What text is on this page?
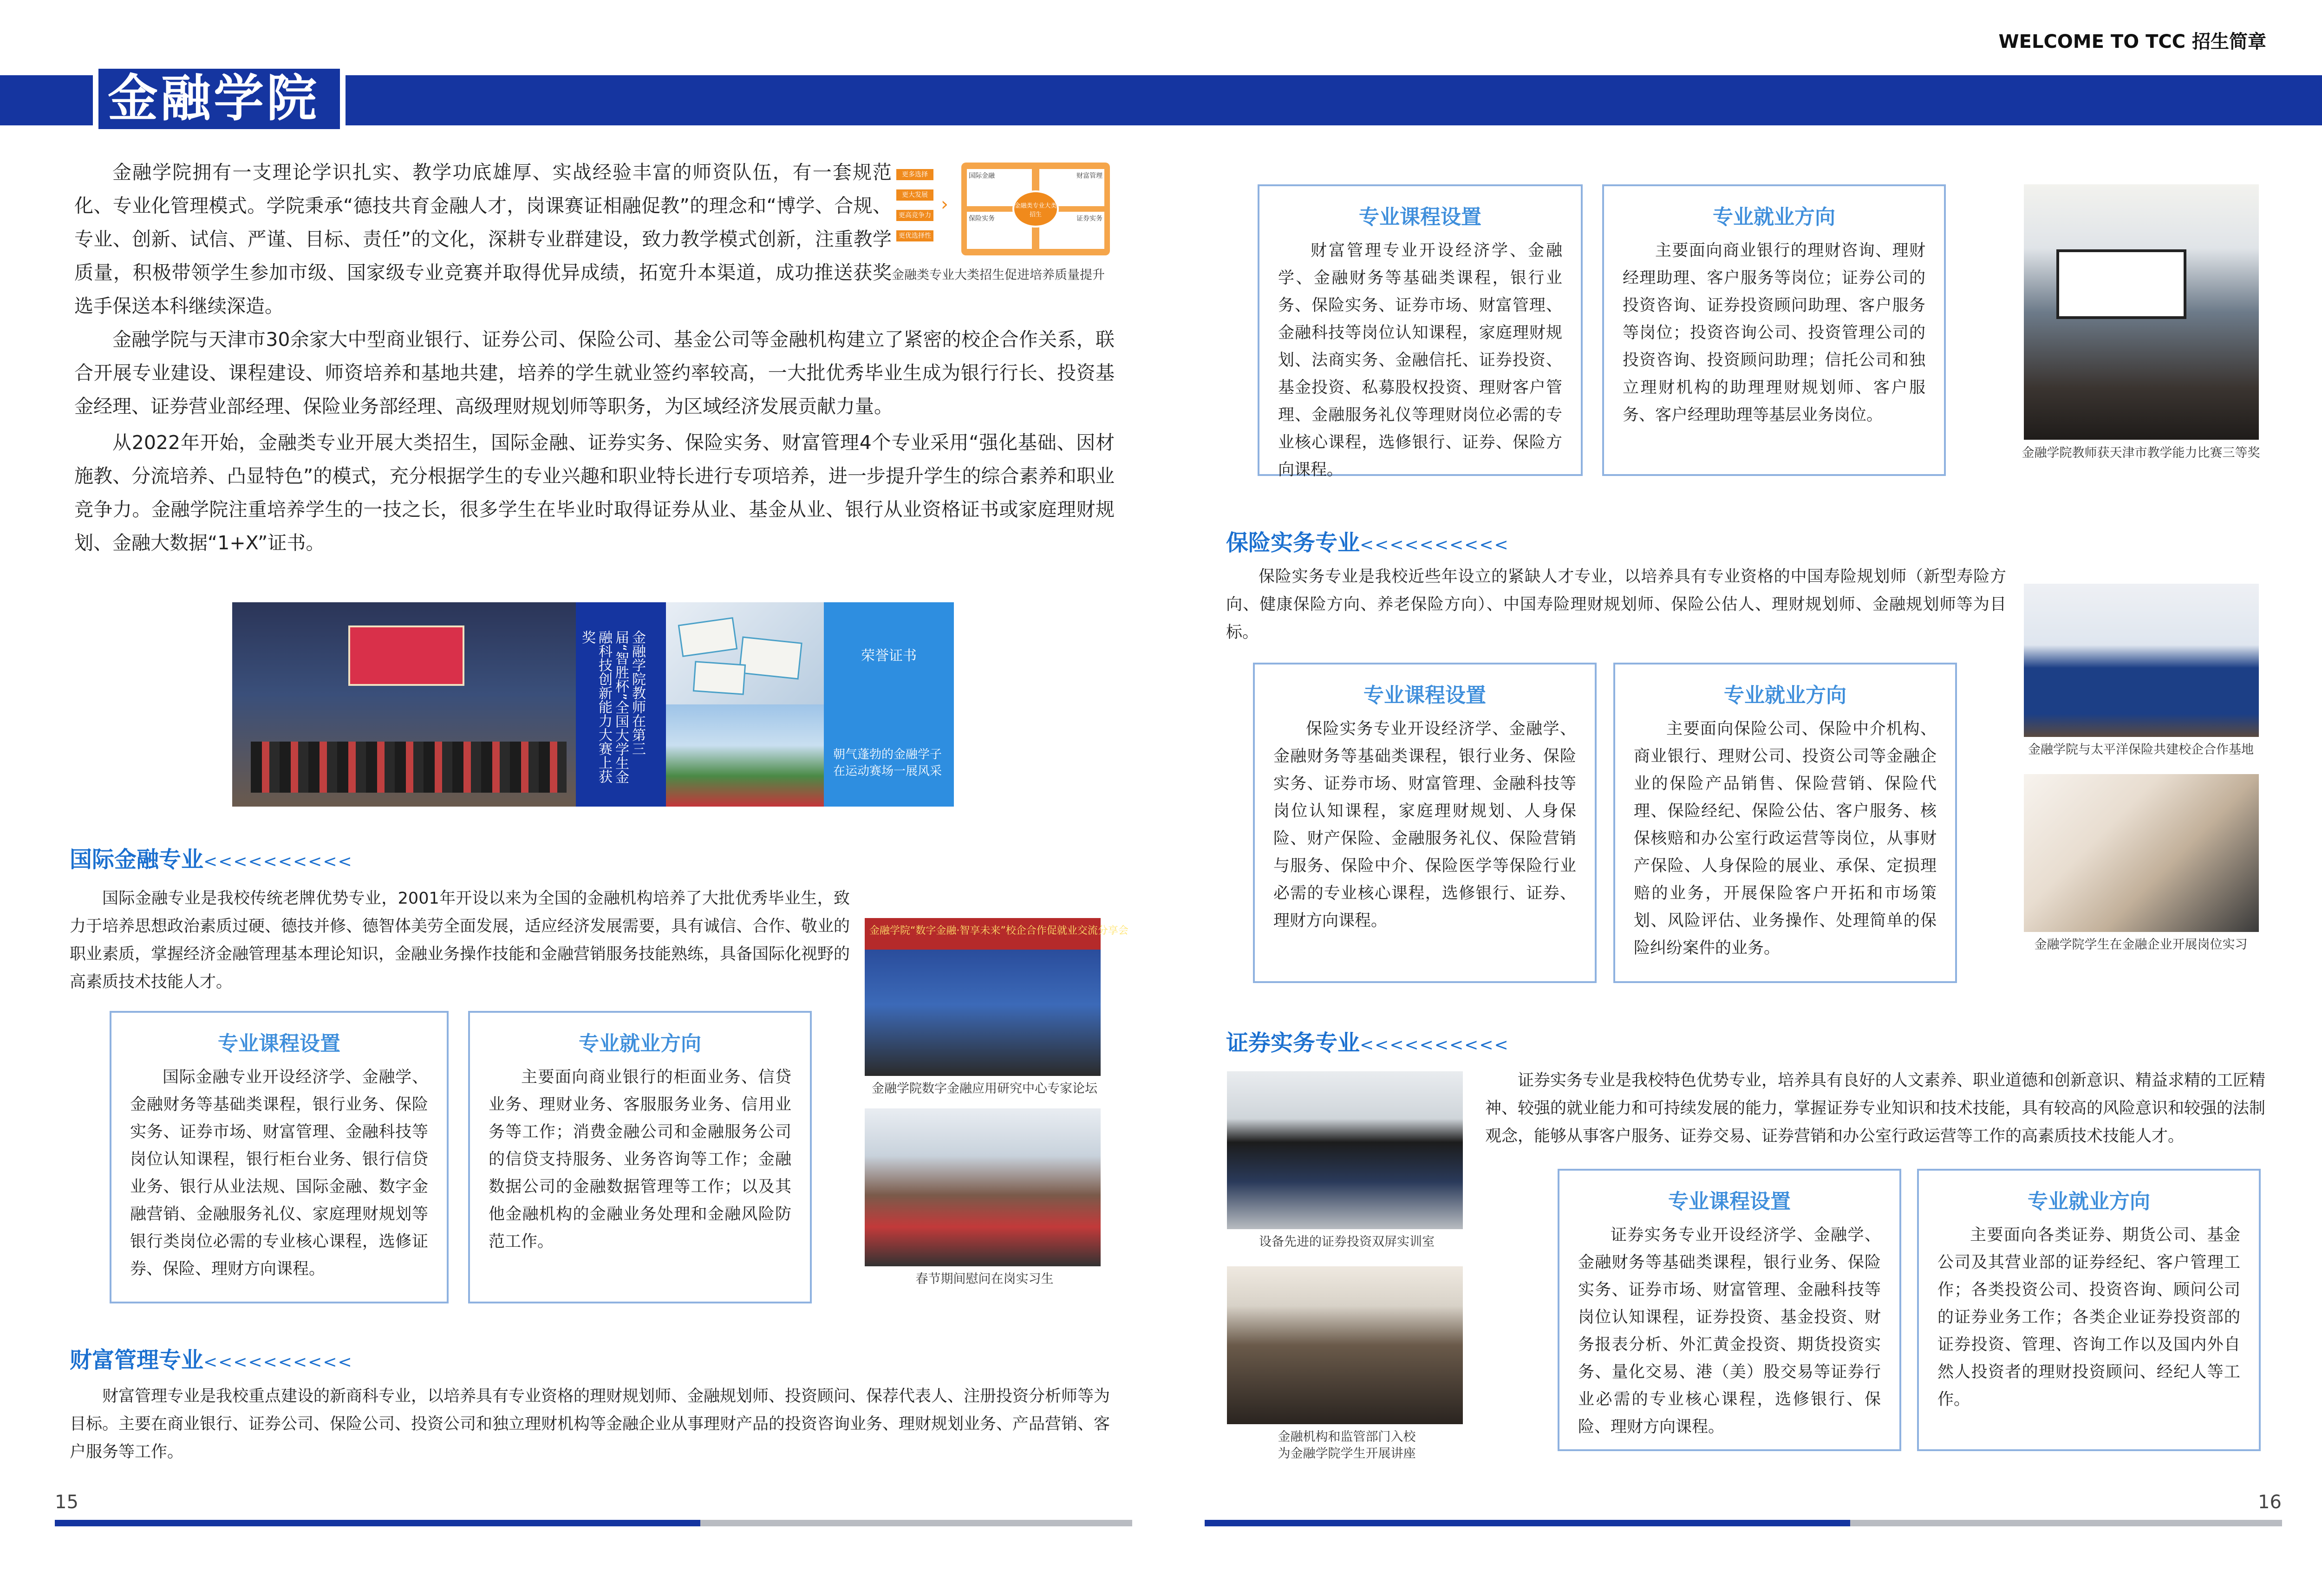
WELCOME TO TCC 招生简章
金融学院
金融学院拥有一支理论学识扎实、教学功底雄厚、实战经验丰富的师资队伍，有一套规范化、专业化管理模式。学院秉承“德技共育金融人才，岗课赛证相融促教”的理念和“博学、合规、专业、创新、试信、严谨、目标、责任”的文化，深耕专业群建设，致力教学模式创新，注重教学质量，积极带领学生参加市级、国家级专业竞赛并取得优异成绩，拓宽升本渠道，成功推送获奖选手保送本科继续深造。
更多选择
更大发展
更高竞争力
更优选择性
›
国际金融	财富管理
保险实务	证券实务
金融类专业大类招生
金融类专业大类招生促进培养质量提升
金融学院与天津市30余家大中型商业银行、证券公司、保险公司、基金公司等金融机构建立了紧密的校企合作关系，联合开展专业建设、课程建设、师资培养和基地共建，培养的学生就业签约率较高，一大批优秀毕业生成为银行行长、投资基金经理、证券营业部经理、保险业务部经理、高级理财规划师等职务，为区域经济发展贡献力量。
从2022年开始，金融类专业开展大类招生，国际金融、证券实务、保险实务、财富管理4个专业采用“强化基础、因材施教、分流培养、凸显特色”的模式，充分根据学生的专业兴趣和职业特长进行专项培养，进一步提升学生的综合素养和职业竞争力。金融学院注重培养学生的一技之长，很多学生在毕业时取得证券从业、基金从业、银行从业资格证书或家庭理财规划、金融大数据“1+X”证书。
金融学院教师在第三届“智胜杯”全国大学生金融科技创新能力大赛上获奖
荣誉证书
朝气蓬勃的金融学子在运动赛场一展风采
国际金融专业<<<<<<<<<<
国际金融专业是我校传统老牌优势专业，2001年开设以来为全国的金融机构培养了大批优秀毕业生，致力于培养思想政治素质过硬、德技并修、德智体美劳全面发展，适应经济发展需要，具有诚信、合作、敬业的职业素质，掌握经济金融管理基本理论知识，金融业务操作技能和金融营销服务技能熟练，具备国际化视野的高素质技术技能人才。
专业课程设置
国际金融专业开设经济学、金融学、金融财务等基础类课程，银行业务、保险实务、证券市场、财富管理、金融科技等岗位认知课程，银行柜台业务、银行信贷业务、银行从业法规、国际金融、数字金融营销、金融服务礼仪、家庭理财规划等银行类岗位必需的专业核心课程，选修证券、保险、理财方向课程。
专业就业方向
主要面向商业银行的柜面业务、信贷业务、理财业务、客服服务业务、信用业务等工作；消费金融公司和金融服务公司的信贷支持服务、业务咨询等工作；金融数据公司的金融数据管理等工作；以及其他金融机构的金融业务处理和金融风险防范工作。
金融学院“数字金融·智享未来”校企合作促就业交流分享会
金融学院数字金融应用研究中心专家论坛
春节期间慰问在岗实习生
财富管理专业<<<<<<<<<<
财富管理专业是我校重点建设的新商科专业，以培养具有专业资格的理财规划师、金融规划师、投资顾问、保荐代表人、注册投资分析师等为目标。主要在商业银行、证券公司、保险公司、投资公司和独立理财机构等金融企业从事理财产品的投资咨询业务、理财规划业务、产品营销、客户服务等工作。
专业课程设置
财富管理专业开设经济学、金融学、金融财务等基础类课程，银行业务、保险实务、证券市场、财富管理、金融科技等岗位认知课程，家庭理财规划、法商实务、金融信托、证券投资、基金投资、私募股权投资、理财客户管理、金融服务礼仪等理财岗位必需的专业核心课程，选修银行、证券、保险方向课程。
专业就业方向
主要面向商业银行的理财咨询、理财经理助理、客户服务等岗位；证券公司的投资咨询、证券投资顾问助理、客户服务等岗位；投资咨询公司、投资管理公司的投资咨询、投资顾问助理；信托公司和独立理财机构的助理理财规划师、客户服务、客户经理助理等基层业务岗位。
金融学院教师获天津市教学能力比赛三等奖
保险实务专业<<<<<<<<<<
保险实务专业是我校近些年设立的紧缺人才专业，以培养具有专业资格的中国寿险规划师（新型寿险方向、健康保险方向、养老保险方向）、中国寿险理财规划师、保险公估人、理财规划师、金融规划师等为目标。
专业课程设置
保险实务专业开设经济学、金融学、金融财务等基础类课程，银行业务、保险实务、证券市场、财富管理、金融科技等岗位认知课程，家庭理财规划、人身保险、财产保险、金融服务礼仪、保险营销与服务、保险中介、保险医学等保险行业必需的专业核心课程，选修银行、证券、理财方向课程。
专业就业方向
主要面向保险公司、保险中介机构、商业银行、理财公司、投资公司等金融企业的保险产品销售、保险营销、保险代理、保险经纪、保险公估、客户服务、核保核赔和办公室行政运营等岗位，从事财产保险、人身保险的展业、承保、定损理赔的业务，开展保险客户开拓和市场策划、风险评估、业务操作、处理简单的保险纠纷案件的业务。
金融学院与太平洋保险共建校企合作基地
金融学院学生在金融企业开展岗位实习
证券实务专业<<<<<<<<<<
证券实务专业是我校特色优势专业，培养具有良好的人文素养、职业道德和创新意识、精益求精的工匠精神、较强的就业能力和可持续发展的能力，掌握证券专业知识和技术技能，具有较高的风险意识和较强的法制观念，能够从事客户服务、证券交易、证券营销和办公室行政运营等工作的高素质技术技能人才。
设备先进的证券投资双屏实训室
金融机构和监管部门入校
为金融学院学生开展讲座
专业课程设置
证券实务专业开设经济学、金融学、金融财务等基础类课程，银行业务、保险实务、证券市场、财富管理、金融科技等岗位认知课程，证券投资、基金投资、财务报表分析、外汇黄金投资、期货投资实务、量化交易、港（美）股交易等证券行业必需的专业核心课程，选修银行、保险、理财方向课程。
专业就业方向
主要面向各类证券、期货公司、基金公司及其营业部的证券经纪、客户管理工作；各类投资公司、投资咨询、顾问公司的证券业务工作；各类企业证券投资部的证券投资、管理、咨询工作以及国内外自然人投资者的理财投资顾问、经纪人等工作。
15	16
